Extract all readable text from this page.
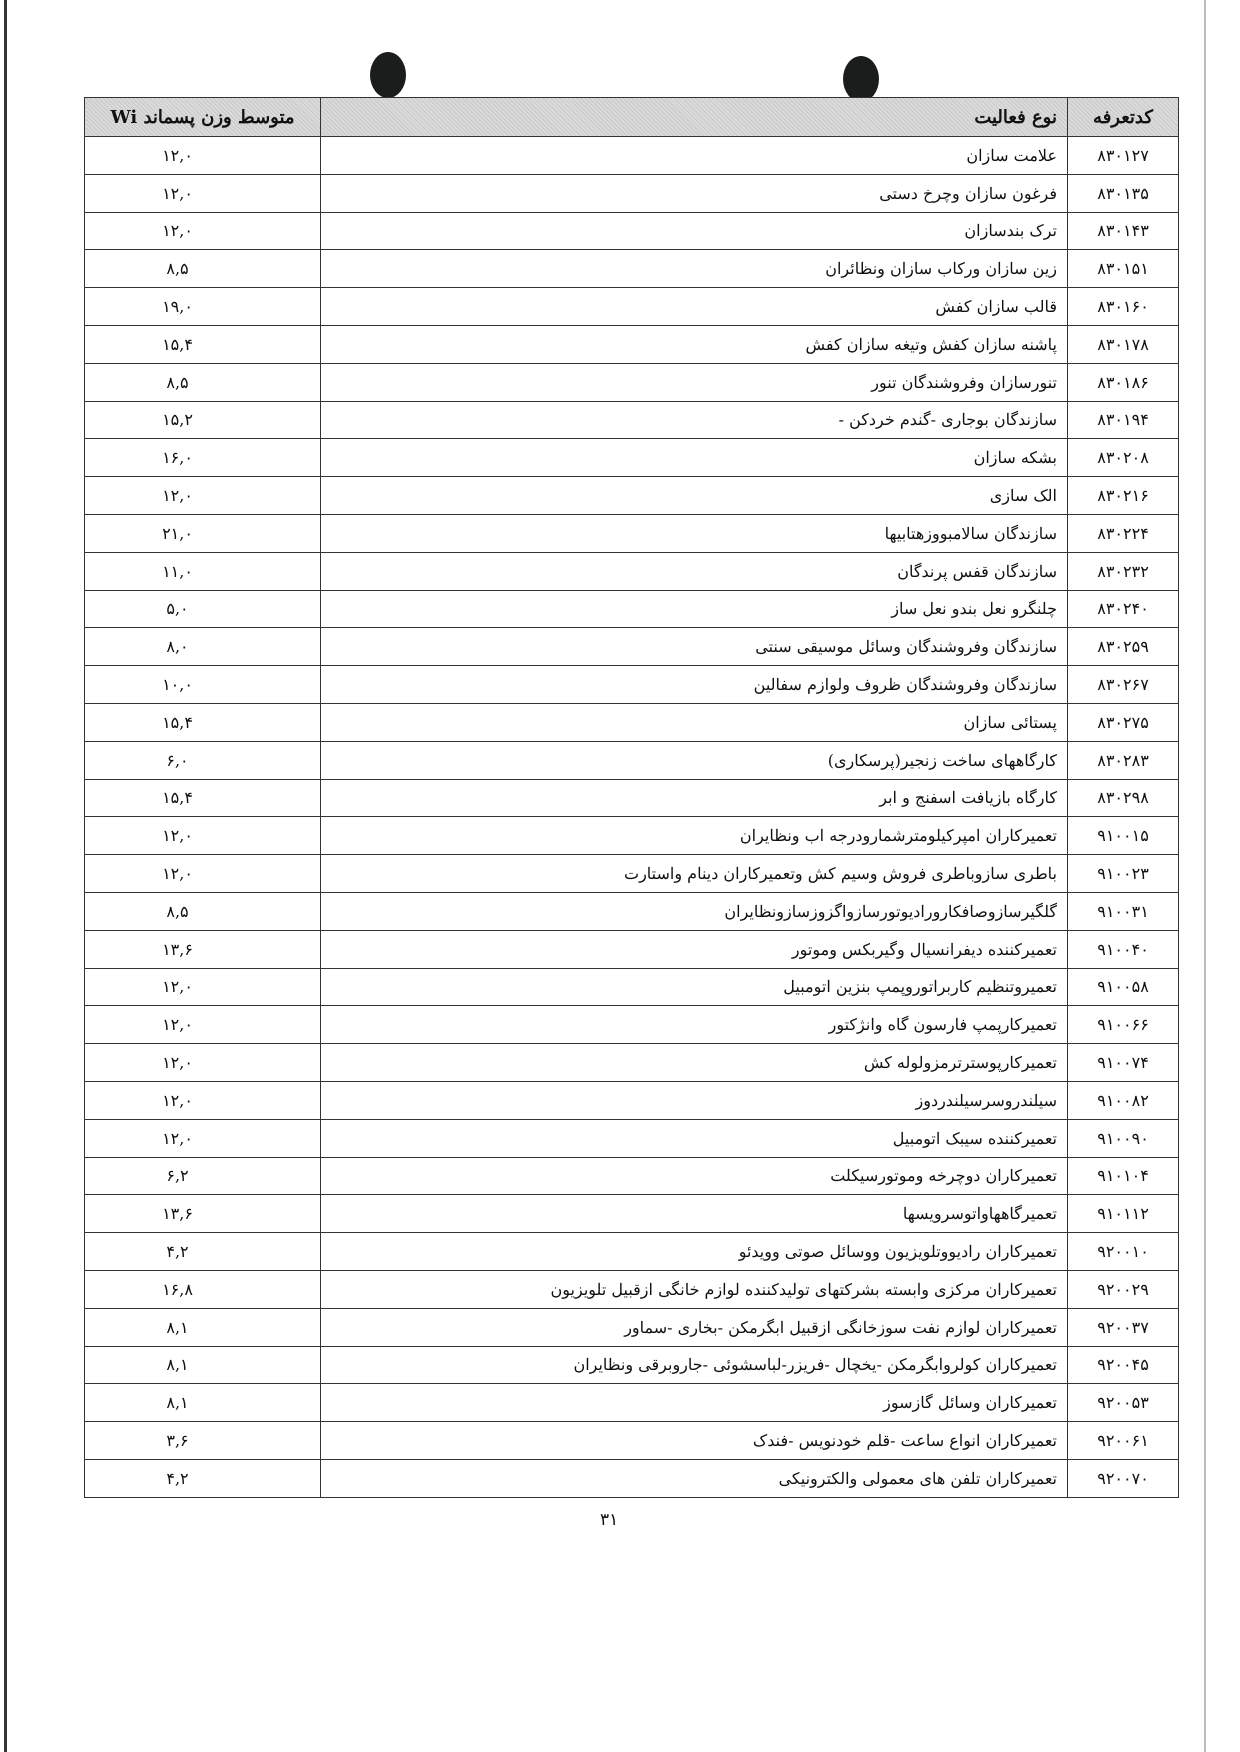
کدتعرفه	نوع فعالیت	متوسط وزن پسماند Wi
۸۳۰۱۲۷	علامت سازان	۱۲,۰
۸۳۰۱۳۵	فرغون سازان وچرخ دستی	۱۲,۰
۸۳۰۱۴۳	ترک بندسازان	۱۲,۰
۸۳۰۱۵۱	زین سازان ورکاب سازان ونظائران	۸,۵
۸۳۰۱۶۰	قالب سازان کفش	۱۹,۰
۸۳۰۱۷۸	پاشنه سازان کفش وتیغه سازان کفش	۱۵,۴
۸۳۰۱۸۶	تنورسازان وفروشندگان تنور	۸,۵
۸۳۰۱۹۴	سازندگان بوجاری -گندم خردکن -	۱۵,۲
۸۳۰۲۰۸	بشکه سازان	۱۶,۰
۸۳۰۲۱۶	الک سازی	۱۲,۰
۸۳۰۲۲۴	سازندگان سالامبووزهتابیها	۲۱,۰
۸۳۰۲۳۲	سازندگان قفس پرندگان	۱۱,۰
۸۳۰۲۴۰	چلنگرو نعل بندو نعل ساز	۵,۰
۸۳۰۲۵۹	سازندگان وفروشندگان وسائل موسیقی سنتی	۸,۰
۸۳۰۲۶۷	سازندگان وفروشندگان ظروف ولوازم سفالین	۱۰,۰
۸۳۰۲۷۵	پستائی سازان	۱۵,۴
۸۳۰۲۸۳	کارگاههای ساخت زنجیر(پرسکاری)	۶,۰
۸۳۰۲۹۸	کارگاه بازیافت اسفنج و ابر	۱۵,۴
۹۱۰۰۱۵	تعمیرکاران امپرکیلومترشمارودرجه اب ونظایران	۱۲,۰
۹۱۰۰۲۳	باطری سازوباطری فروش وسیم کش وتعمیرکاران دینام واستارت	۱۲,۰
۹۱۰۰۳۱	گلگیرسازوصافکارورادیوتورسازواگزوزسازونظایران	۸,۵
۹۱۰۰۴۰	تعمیرکننده دیفرانسیال وگیربکس وموتور	۱۳,۶
۹۱۰۰۵۸	تعمیروتنظیم کاربراتوروپمپ بنزین اتومبیل	۱۲,۰
۹۱۰۰۶۶	تعمیرکارپمپ فارسون گاه وانژکتور	۱۲,۰
۹۱۰۰۷۴	تعمیرکارپوسترترمزولوله کش	۱۲,۰
۹۱۰۰۸۲	سیلندروسرسیلندردوز	۱۲,۰
۹۱۰۰۹۰	تعمیرکننده سیبک اتومبیل	۱۲,۰
۹۱۰۱۰۴	تعمیرکاران دوچرخه وموتورسیکلت	۶,۲
۹۱۰۱۱۲	تعمیرگاههاواتوسرویسها	۱۳,۶
۹۲۰۰۱۰	تعمیرکاران رادیووتلویزیون ووسائل صوتی وویدئو	۴,۲
۹۲۰۰۲۹	تعمیرکاران مرکزی وابسته بشرکتهای تولیدکننده لوازم خانگی ازقبیل تلویزیون	۱۶,۸
۹۲۰۰۳۷	تعمیرکاران لوازم نفت سوزخانگی ازقبیل ابگرمکن -بخاری -سماور	۸,۱
۹۲۰۰۴۵	تعمیرکاران کولروابگرمکن -یخچال -فریزر-لباسشوئی -جاروبرقی ونظایران	۸,۱
۹۲۰۰۵۳	تعمیرکاران وسائل گازسوز	۸,۱
۹۲۰۰۶۱	تعمیرکاران انواع ساعت -قلم خودنویس -فندک	۳,۶
۹۲۰۰۷۰	تعمیرکاران تلفن های معمولی والکترونیکی	۴,۲
۳۱
